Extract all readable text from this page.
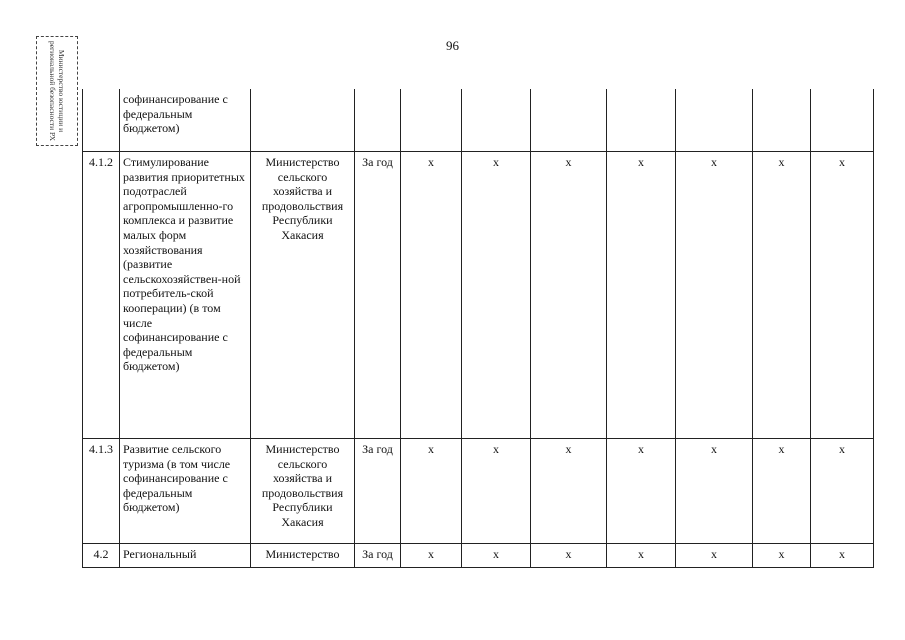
96
Министерство юстиции и региональной безопасности РХ
		софинансирование с федеральным бюджетом)									
4.1.2	Стимулирование развития приоритетных подотраслей агропромышленно-го комплекса и развитие малых форм хозяйствования (развитие сельскохозяйствен-ной потребитель-ской кооперации) (в том числе софинансирование с федеральным бюджетом)	Министерство сельского хозяйства и продовольствия Республики Хакасия	За год	x	x	x	x	x	x	x
4.1.3	Развитие сельского туризма (в том числе софинансирование с федеральным бюджетом)	Министерство сельского хозяйства и продовольствия Республики Хакасия	За год	x	x	x	x	x	x	x
4.2	Региональный	Министерство	За год	x	x	x	x	x	x	x
